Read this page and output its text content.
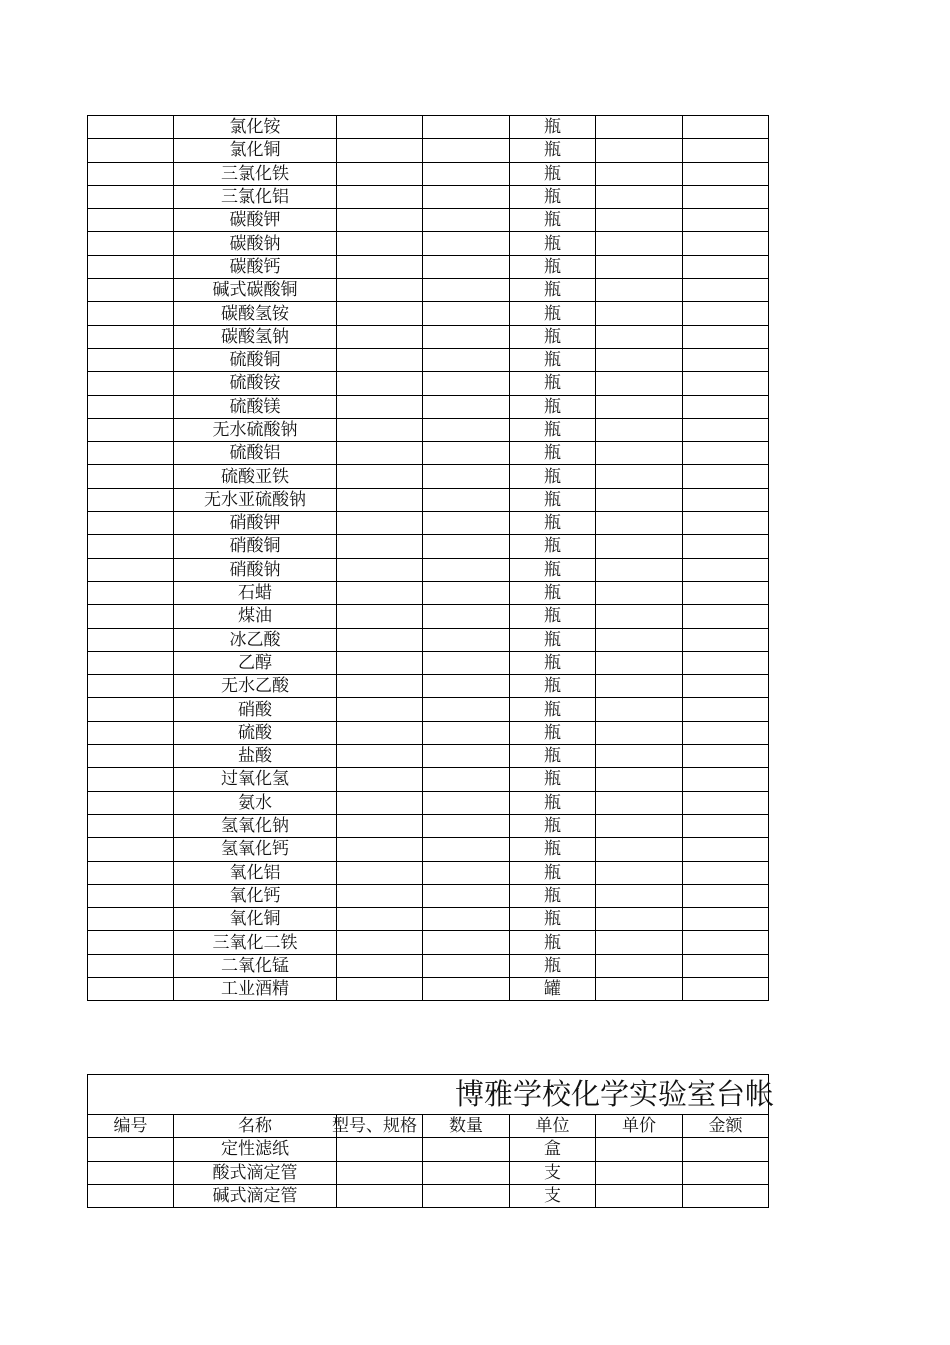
	氯化铵			瓶		
	氯化铜			瓶		
	三氯化铁			瓶		
	三氯化铝			瓶		
	碳酸钾			瓶		
	碳酸钠			瓶		
	碳酸钙			瓶		
	碱式碳酸铜			瓶		
	碳酸氢铵			瓶		
	碳酸氢钠			瓶		
	硫酸铜			瓶		
	硫酸铵			瓶		
	硫酸镁			瓶		
	无水硫酸钠			瓶		
	硫酸铝			瓶		
	硫酸亚铁			瓶		
	无水亚硫酸钠			瓶		
	硝酸钾			瓶		
	硝酸铜			瓶		
	硝酸钠			瓶		
	石蜡			瓶		
	煤油			瓶		
	冰乙酸			瓶		
	乙醇			瓶		
	无水乙酸			瓶		
	硝酸			瓶		
	硫酸			瓶		
	盐酸			瓶		
	过氧化氢			瓶		
	氨水			瓶		
	氢氧化钠			瓶		
	氢氧化钙			瓶		
	氧化铝			瓶		
	氧化钙			瓶		
	氧化铜			瓶		
	三氧化二铁			瓶		
	二氧化锰			瓶		
	工业酒精			罐		
博雅学校化学实验室台帐
编号	名称	型号、规格	数量	单位	单价	金额
	定性滤纸			盒		
	酸式滴定管			支		
	碱式滴定管			支		
